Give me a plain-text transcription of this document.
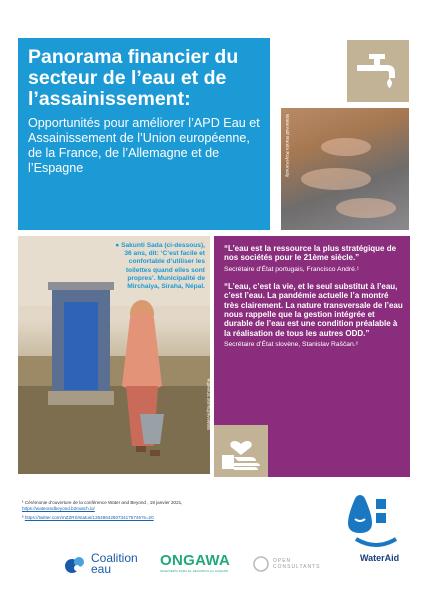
Panorama financier du secteur de l’eau et de l’assainissement:

Opportunités pour améliorer l’APD Eau et Assainissement de l’Union européenne, de la France, de l’Allemagne et de l’Espagne	WaterAid/ Ranita Roy/Annuity
● Sakunti Sada (ci-dessous), 36 ans, dit: ‘C’est facile et confortable d’utiliser les toilettes quand elles sont propres’. Municipalité de Mirchaiya, Siraha, Népal.
WaterAid/Sumit Shrestha

“L’eau est la ressource la plus stratégique de nos sociétés pour le 21ème siècle.”

Secrétaire d’État portugais, Francisco André.¹

“L’eau, c’est la vie, et le seul substitut à l’eau, c’est l’eau. La pandémie actuelle l’a montré très clairement. La nature transversale de l’eau nous rappelle que la gestion intégrée et durable de l’eau est une condition préalable à la réalisation de tous les autres ODD.”

Secrétaire d’État slovène, Stanislav Raščan.²

WaterAid
¹ Cérémonie d’ouverture de la conférence Water and Beyond , 18 janvier 2021,
https://waterandbeyond.b2match.io/
² https://twitter.com/mZZRS/status/1354864280734175745?s=20
Coalition
eau	ONGAWA
INGENIERÍA PARA EL DESARROLLO HUMANO
OPEN
CONSULTANTS
